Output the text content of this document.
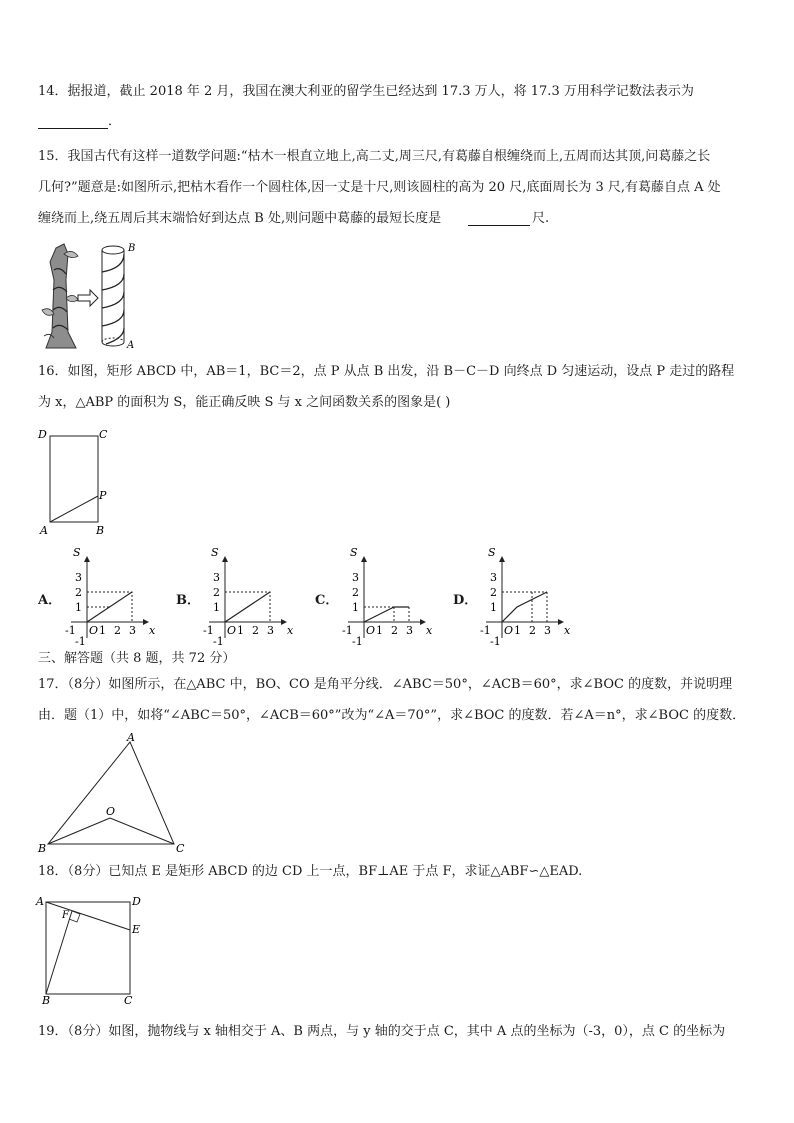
14．据报道，截止 2018 年 2 月，我国在澳大利亚的留学生已经达到 17.3 万人，将 17.3 万用科学记数法表示为
．
15．我国古代有这样一道数学问题:“枯木一根直立地上,高二丈,周三尺,有葛藤自根缠绕而上,五周而达其顶,问葛藤之长
几何?”题意是:如图所示,把枯木看作一个圆柱体,因一丈是十尺,则该圆柱的高为 20 尺,底面周长为 3 尺,有葛藤自点 A 处
缠绕而上,绕五周后其末端恰好到达点 B 处,则问题中葛藤的最短长度是	尺.
B
A
16．如图，矩形 ABCD 中，AB＝1，BC＝2，点 P 从点 B 出发，沿 B－C－D 向终点 D 匀速运动，设点 P 走过的路程
为 x，△ABP 的面积为 S，能正确反映 S 与 x 之间函数关系的图象是( )
D	C
P
A	B
A．	B．	C．	D．
S
x
O
-1
-1
1 2 3
1
2
3
S
x
O
-1
-1
1 2 3
1
2
3
S
x
O
-1
-1
1 2 3
1
2
3
S
x
O
-1
-1
1 2 3
1
2
3
三、解答题（共 8 题，共 72 分）
17．（8分）如图所示，在△ABC 中，BO、CO 是角平分线．∠ABC＝50°，∠ACB＝60°，求∠BOC 的度数，并说明理
由．题（1）中，如将“∠ABC＝50°，∠ACB＝60°”改为“∠A＝70°”，求∠BOC 的度数．若∠A＝n°，求∠BOC 的度数．
A
O
B	C
18．（8分）已知点 E 是矩形 ABCD 的边 CD 上一点，BF⊥AE 于点 F，求证△ABF∽△EAD.
A	D
F
E
B	C
19．（8分）如图，抛物线与 x 轴相交于 A、B 两点，与 y 轴的交于点 C，其中 A 点的坐标为（-3，0），点 C 的坐标为
